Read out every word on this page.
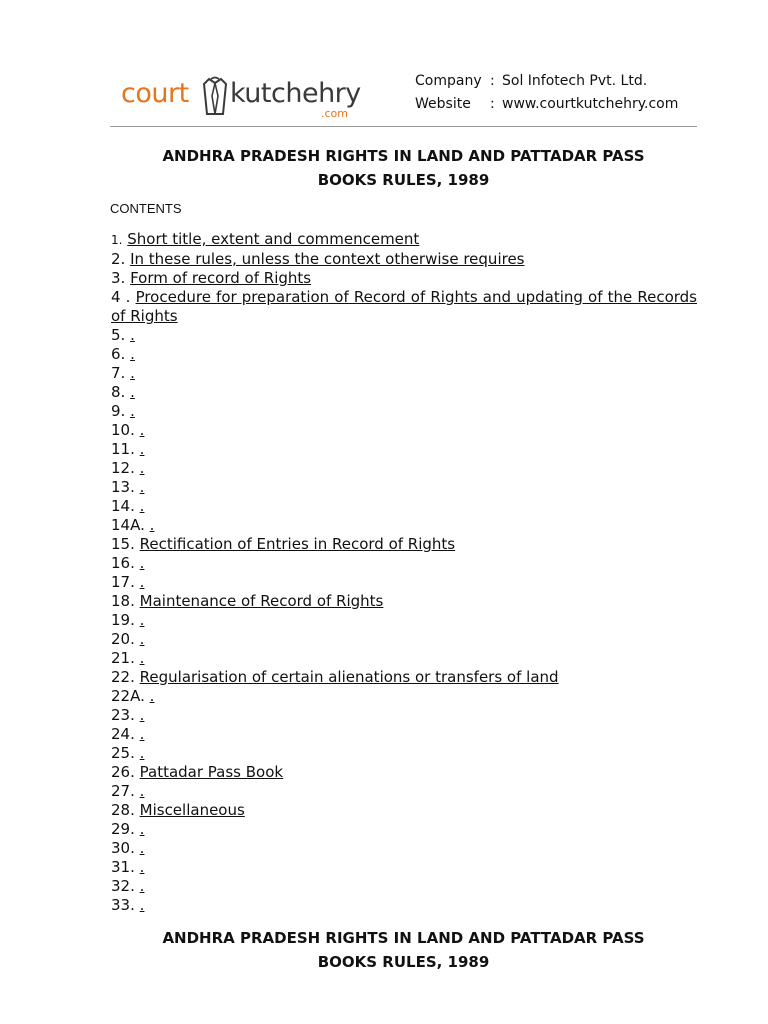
court kutchehry
.com
Company : Sol Infotech Pvt. Ltd.
Website	: www.courtkutchehry.com
ANDHRA PRADESH RIGHTS IN LAND AND PATTADAR PASS
BOOKS RULES, 1989
CONTENTS
1. Short title, extent and commencement
2. In these rules, unless the context otherwise requires
3. Form of record of Rights
4 . Procedure for preparation of Record of Rights and updating of the Records of Rights
5. .
6. .
7. .
8. .
9. .
10. .
11. .
12. .
13. .
14. .
14A. .
15. Rectification of Entries in Record of Rights
16. .
17. .
18. Maintenance of Record of Rights
19. .
20. .
21. .
22. Regularisation of certain alienations or transfers of land
22A. .
23. .
24. .
25. .
26. Pattadar Pass Book
27. .
28. Miscellaneous
29. .
30. .
31. .
32. .
33. .
ANDHRA PRADESH RIGHTS IN LAND AND PATTADAR PASS
BOOKS RULES, 1989
